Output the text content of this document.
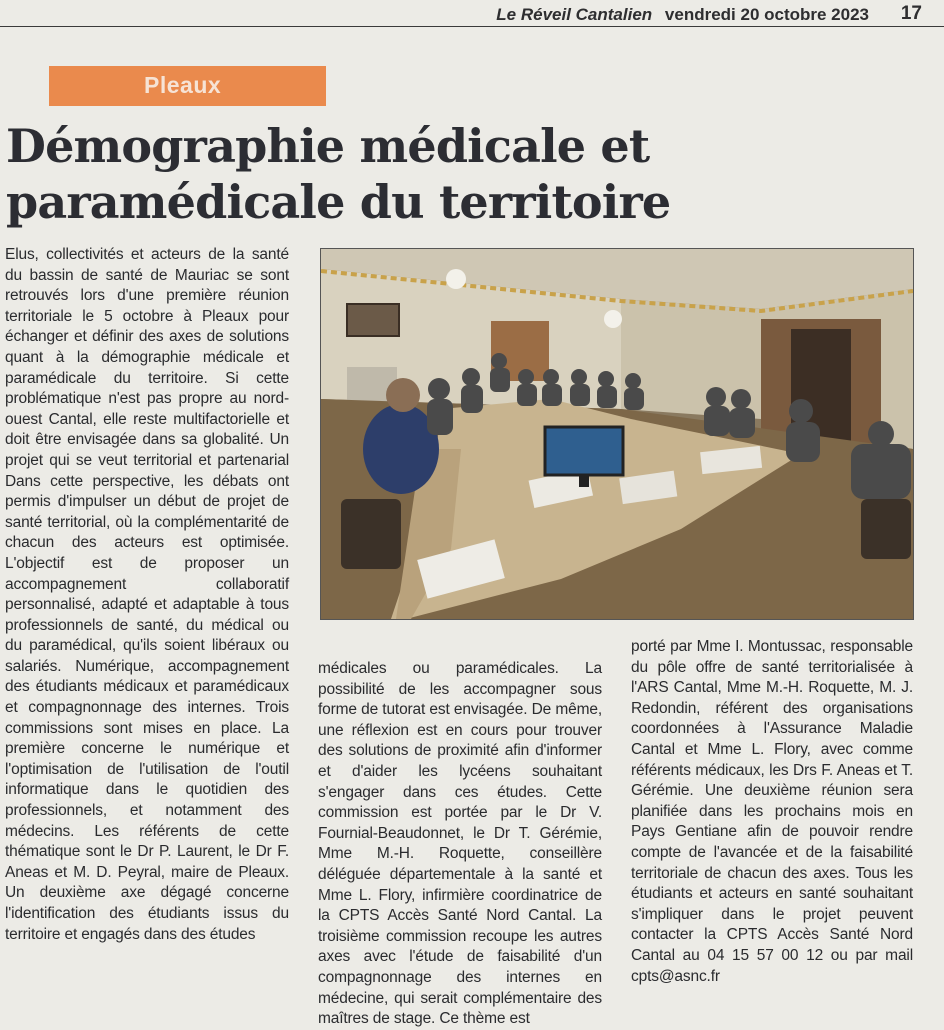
Le Réveil Cantalien vendredi 20 octobre 2023 17
Pleaux
Démographie médicale et paramédicale du territoire

Elus, collectivités et acteurs de la santé du bassin de santé de Mauriac se sont retrouvés lors d'une première réunion territoriale le 5 octobre à Pleaux pour échanger et définir des axes de solutions quant à la démographie médicale et paramédicale du territoire. Si cette problématique n'est pas propre au nord-ouest Cantal, elle reste multifactorielle et doit être envisagée dans sa globalité. Un projet qui se veut territorial et partenarial Dans cette perspective, les débats ont permis d'impulser un début de projet de santé territorial, où la complémentarité de chacun des acteurs est optimisée. L'objectif est de proposer un accompagnement collaboratif personnalisé, adapté et adaptable à tous professionnels de santé, du médical ou du paramédical, qu'ils soient libéraux ou salariés. Numérique, accompagnement des étudiants médicaux et paramédicaux et compagnonnage des internes. Trois commissions sont mises en place. La première concerne le numérique et l'optimisation de l'utilisation de l'outil informatique dans le quotidien des professionnels, et notamment des médecins. Les référents de cette thématique sont le Dr P. Laurent, le Dr F. Aneas et M. D. Peyral, maire de Pleaux. Un deuxième axe dégagé concerne l'identification des étudiants issus du territoire et engagés dans des études

médicales ou paramédicales. La possibilité de les accompagner sous forme de tutorat est envisagée. De même, une réflexion est en cours pour trouver des solutions de proximité afin d'informer et d'aider les lycéens souhaitant s'engager dans ces études. Cette commission est portée par le Dr V. Fournial-Beaudonnet, le Dr T. Gérémie, Mme M.-H. Roquette, conseillère déléguée départementale à la santé et Mme L. Flory, infirmière coordinatrice de la CPTS Accès Santé Nord Cantal. La troisième commission recoupe les autres axes avec l'étude de faisabilité d'un compagnonnage des internes en médecine, qui serait complémentaire des maîtres de stage. Ce thème est

porté par Mme I. Montussac, responsable du pôle offre de santé territorialisée à l'ARS Cantal, Mme M.-H. Roquette, M. J. Redondin, référent des organisations coordonnées à l'Assurance Maladie Cantal et Mme L. Flory, avec comme référents médicaux, les Drs F. Aneas et T. Gérémie. Une deuxième réunion sera planifiée dans les prochains mois en Pays Gentiane afin de pouvoir rendre compte de l'avancée et de la faisabilité territoriale de chacun des axes. Tous les étudiants et acteurs en santé souhaitant s'impliquer dans le projet peuvent contacter la CPTS Accès Santé Nord Cantal au 04 15 57 00 12 ou par mail cpts@asnc.fr
